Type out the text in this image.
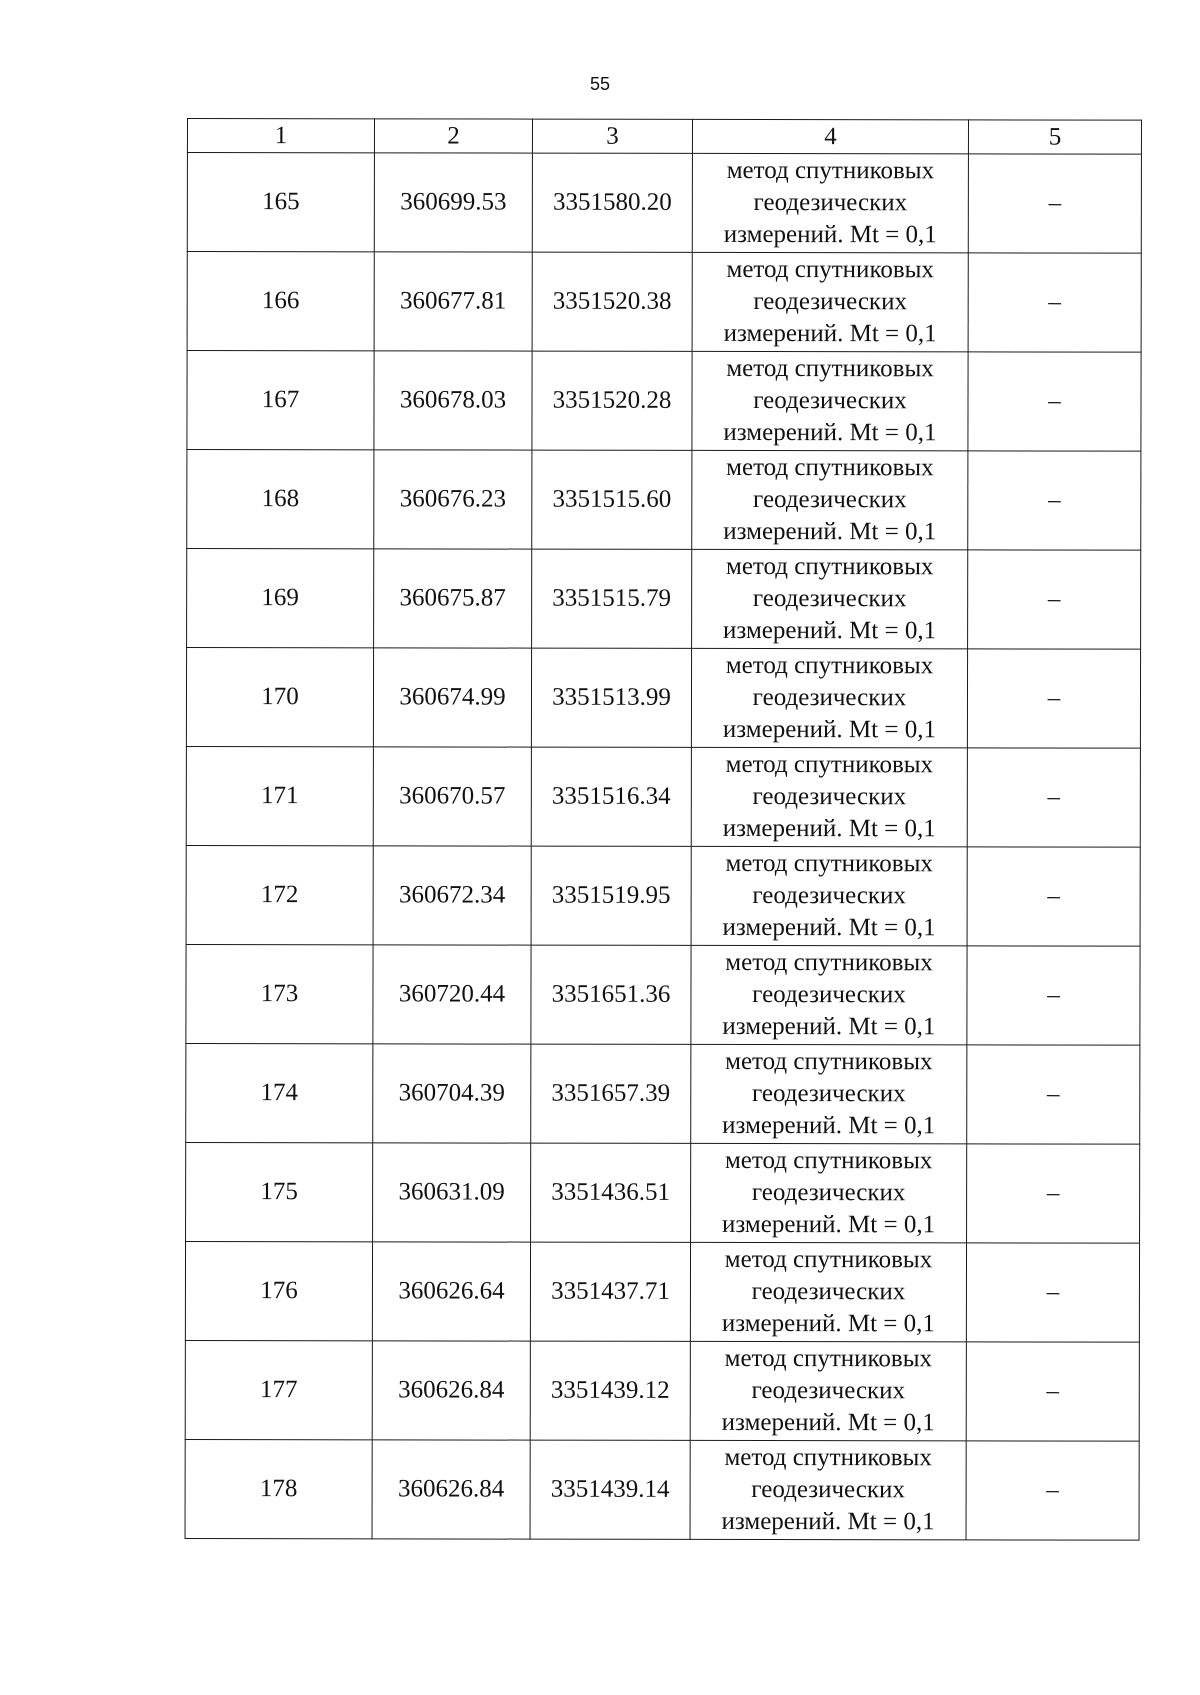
55
1	2	3	4	5
165	360699.53	3351580.20	метод спутниковых
геодезических
измерений. Mt = 0,1	–
166	360677.81	3351520.38	метод спутниковых
геодезических
измерений. Mt = 0,1	–
167	360678.03	3351520.28	метод спутниковых
геодезических
измерений. Mt = 0,1	–
168	360676.23	3351515.60	метод спутниковых
геодезических
измерений. Mt = 0,1	–
169	360675.87	3351515.79	метод спутниковых
геодезических
измерений. Mt = 0,1	–
170	360674.99	3351513.99	метод спутниковых
геодезических
измерений. Mt = 0,1	–
171	360670.57	3351516.34	метод спутниковых
геодезических
измерений. Mt = 0,1	–
172	360672.34	3351519.95	метод спутниковых
геодезических
измерений. Mt = 0,1	–
173	360720.44	3351651.36	метод спутниковых
геодезических
измерений. Mt = 0,1	–
174	360704.39	3351657.39	метод спутниковых
геодезических
измерений. Mt = 0,1	–
175	360631.09	3351436.51	метод спутниковых
геодезических
измерений. Mt = 0,1	–
176	360626.64	3351437.71	метод спутниковых
геодезических
измерений. Mt = 0,1	–
177	360626.84	3351439.12	метод спутниковых
геодезических
измерений. Mt = 0,1	–
178	360626.84	3351439.14	метод спутниковых
геодезических
измерений. Mt = 0,1	–
